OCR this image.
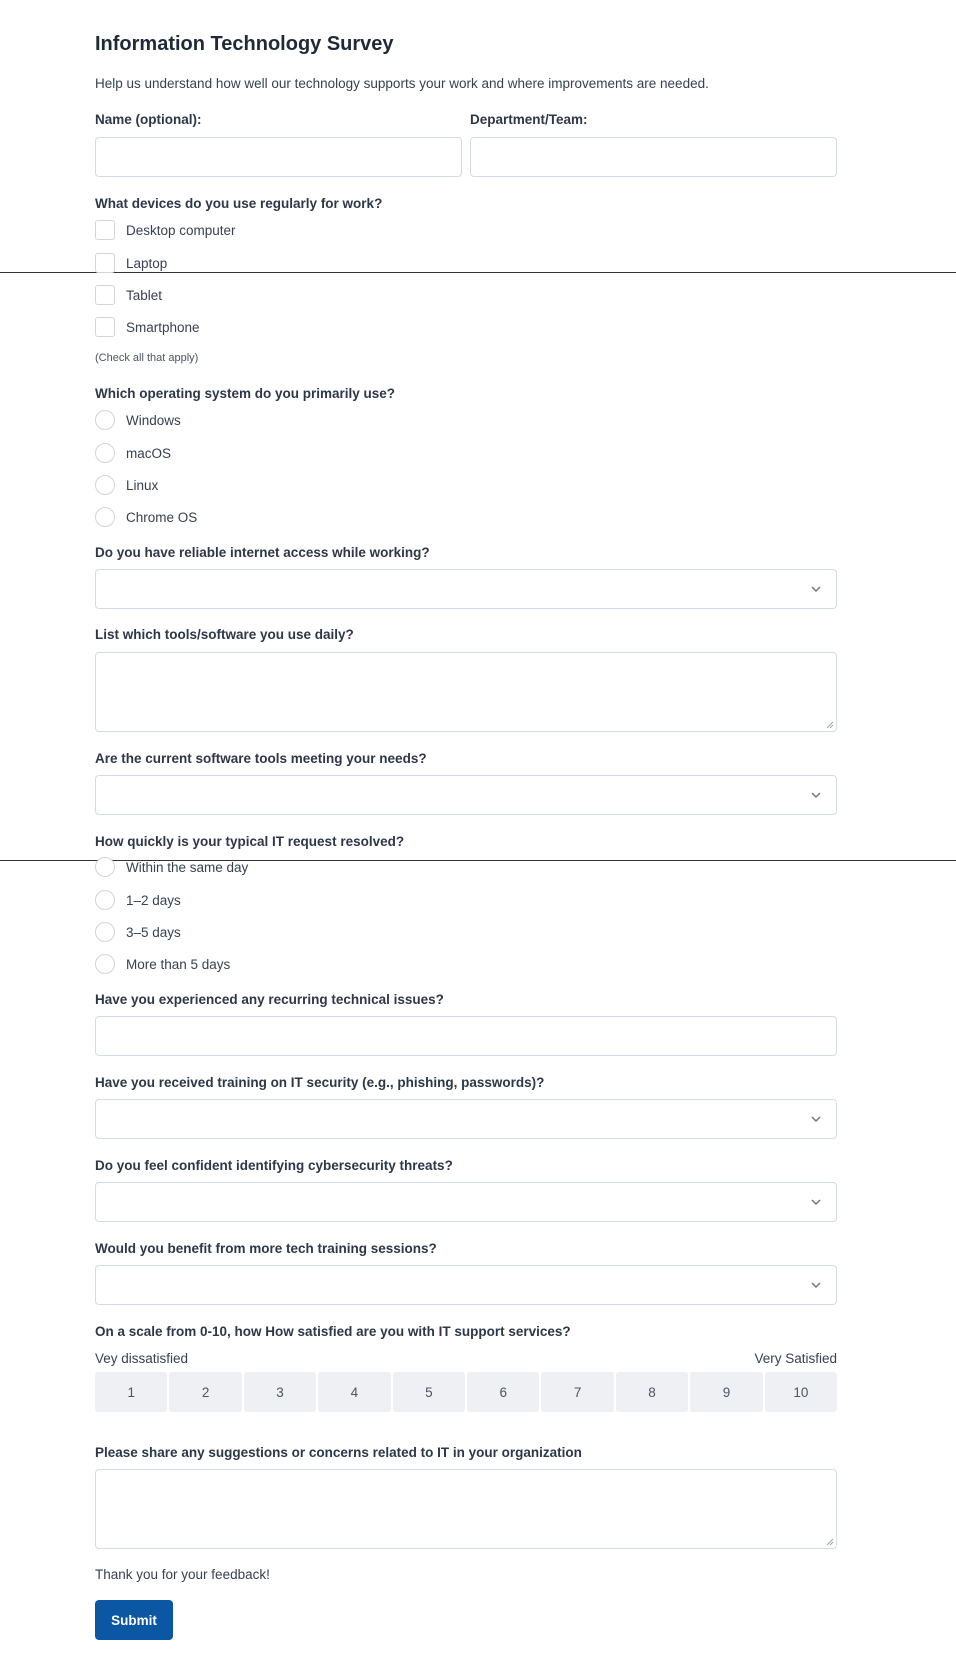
Information Technology Survey
Help us understand how well our technology supports your work and where improvements are needed.
Name (optional):	Department/Team:
What devices do you use regularly for work?
Desktop computer
Laptop
Tablet
Smartphone
(Check all that apply)
Which operating system do you primarily use?
Windows
macOS
Linux
Chrome OS
Do you have reliable internet access while working?
List which tools/software you use daily?
Are the current software tools meeting your needs?
How quickly is your typical IT request resolved?
Within the same day
1–2 days
3–5 days
More than 5 days
Have you experienced any recurring technical issues?
Have you received training on IT security (e.g., phishing, passwords)?
Do you feel confident identifying cybersecurity threats?
Would you benefit from more tech training sessions?
On a scale from 0-10, how How satisfied are you with IT support services?
Vey dissatisfied	Very Satisfied
1	2	3	4	5	6	7	8	9	10
Please share any suggestions or concerns related to IT in your organization
Thank you for your feedback!
Submit
